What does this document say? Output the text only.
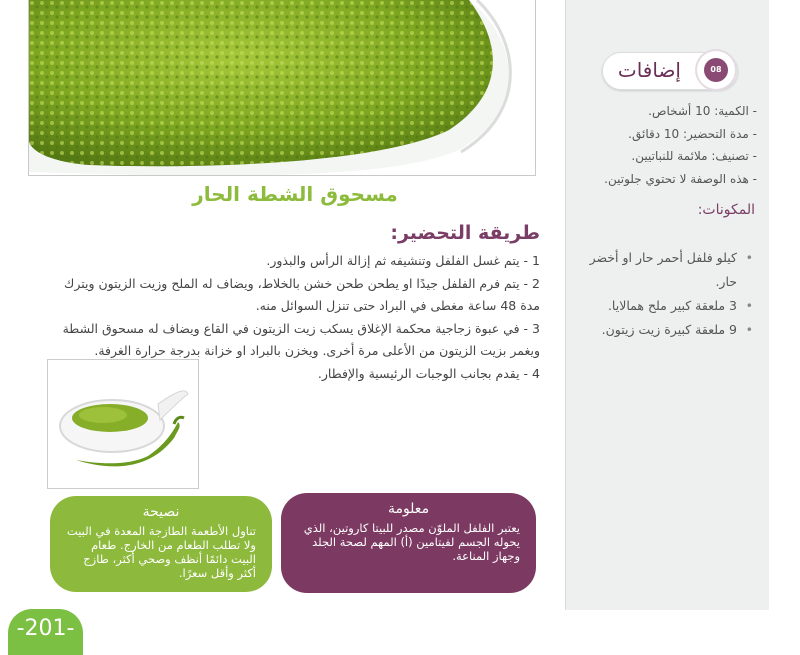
مسحوق الشطة الحار
طريقة التحضير:
1 - يتم غسل الفلفل وتنشيفه ثم إزالة الرأس والبذور.
2 - يتم فرم الفلفل جيدًا او يطحن طحن خشن بالخلاط، ويضاف له الملح وزيت الزيتون ويترك مدة 48 ساعة مغطى في البراد حتى تنزل السوائل منه.
3 - في عبوة زجاجية محكمة الإغلاق يسكب زيت الزيتون في القاع ويضاف له مسحوق الشطة ويغمر بزيت الزيتون من الأعلى مرة أخرى. ويخزن بالبراد او خزانة بدرجة حرارة الغرفة.
4 - يقدم بجانب الوجبات الرئيسية والإفطار.
معلومة

يعتبر الفلفل الملوّن مصدر للبيتا كاروتين، الذي يحوله الجسم لفيتامين (أ) المهم لصحة الجلد وجهاز المناعة.

نصيحة

تناول الأطعمة الطازجة المعدة في البيت ولا تطلب الطعام من الخارج. طعام البيت دائمًا أنظف وصحي أكثر، طازج أكثر وأقل سعرًا.

إضافات	08
- الكمية: 10 أشخاص.
- مدة التحضير: 10 دقائق.
- تصنيف: ملائمة للنباتيين.
- هذه الوصفة لا تحتوي جلوتين.
المكونات:
• كيلو فلفل أحمر حار او أخضر حار.
• 3 ملعقة كبير ملح همالايا.
• 9 ملعقة كبيرة زيت زيتون.
-201-
